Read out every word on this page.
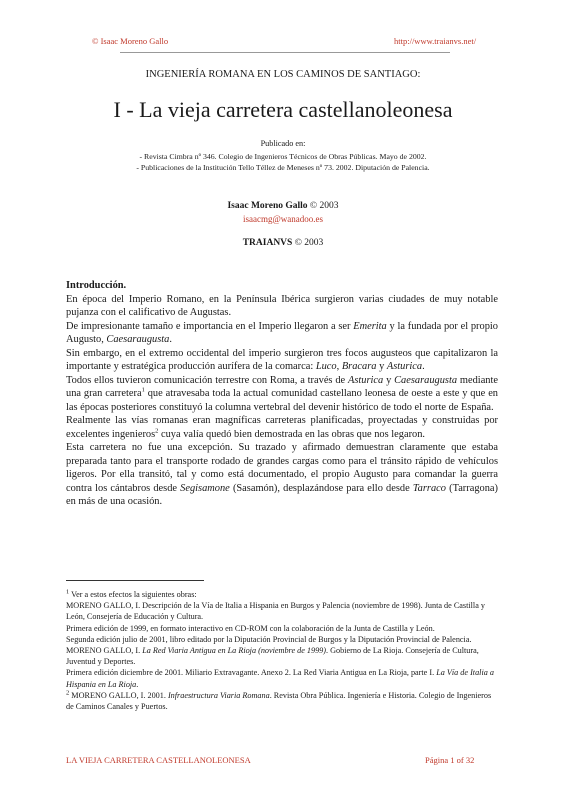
© Isaac Moreno Gallo	http://www.traianvs.net/
INGENIERÍA ROMANA EN LOS CAMINOS DE SANTIAGO:
I - La vieja carretera castellanoleonesa
Publicado en:
- Revista Cimbra nº 346. Colegio de Ingenieros Técnicos de Obras Públicas. Mayo de 2002.
- Publicaciones de la Institución Tello Téllez de Meneses nº 73. 2002. Diputación de Palencia.
Isaac Moreno Gallo © 2003
isaacmg@wanadoo.es
TRAIANVS © 2003

Introducción.

En época del Imperio Romano, en la Península Ibérica surgieron varias ciudades de muy notable pujanza con el calificativo de Augustas.

De impresionante tamaño e importancia en el Imperio llegaron a ser Emerita y la fundada por el propio Augusto, Caesaraugusta.

Sin embargo, en el extremo occidental del imperio surgieron tres focos augusteos que capitalizaron la importante y estratégica producción aurífera de la comarca: Luco, Bracara y Asturica.

Todos ellos tuvieron comunicación terrestre con Roma, a través de Asturica y Caesaraugusta mediante una gran carretera$^1$ que atravesaba toda la actual comunidad castellano leonesa de oeste a este y que en las épocas posteriores constituyó la columna vertebral del devenir histórico de todo el norte de España.

Realmente las vías romanas eran magníficas carreteras planificadas, proyectadas y construidas por excelentes ingenieros$^2$ cuya valía quedó bien demostrada en las obras que nos legaron.

Esta carretera no fue una excepción. Su trazado y afirmado demuestran claramente que estaba preparada tanto para el transporte rodado de grandes cargas como para el tránsito rápido de vehículos ligeros. Por ella transitó, tal y como está documentado, el propio Augusto para comandar la guerra contra los cántabros desde Segisamone (Sasamón), desplazándose para ello desde Tarraco (Tarragona) en más de una ocasión.

$^1$ Ver a estos efectos la siguientes obras:

MORENO GALLO, I. Descripción de la Vía de Italia a Hispania en Burgos y Palencia (noviembre de 1998). Junta de Castilla y León, Consejería de Educación y Cultura.

Primera edición de 1999, en formato interactivo en CD-ROM con la colaboración de la Junta de Castilla y León.

Segunda edición julio de 2001, libro editado por la Diputación Provincial de Burgos y la Diputación Provincial de Palencia.

MORENO GALLO, I. La Red Viaria Antigua en La Rioja (noviembre de 1999). Gobierno de La Rioja. Consejería de Cultura, Juventud y Deportes.

Primera edición diciembre de 2001. Miliario Extravagante. Anexo 2. La Red Viaria Antigua en La Rioja, parte I. La Vía de Italia a Hispania en La Rioja.

$^2$ MORENO GALLO, I. 2001. Infraestructura Viaria Romana. Revista Obra Pública. Ingeniería e Historia. Colegio de Ingenieros de Caminos Canales y Puertos.

LA VIEJA CARRETERA CASTELLANOLEONESA	Página 1 of 32
